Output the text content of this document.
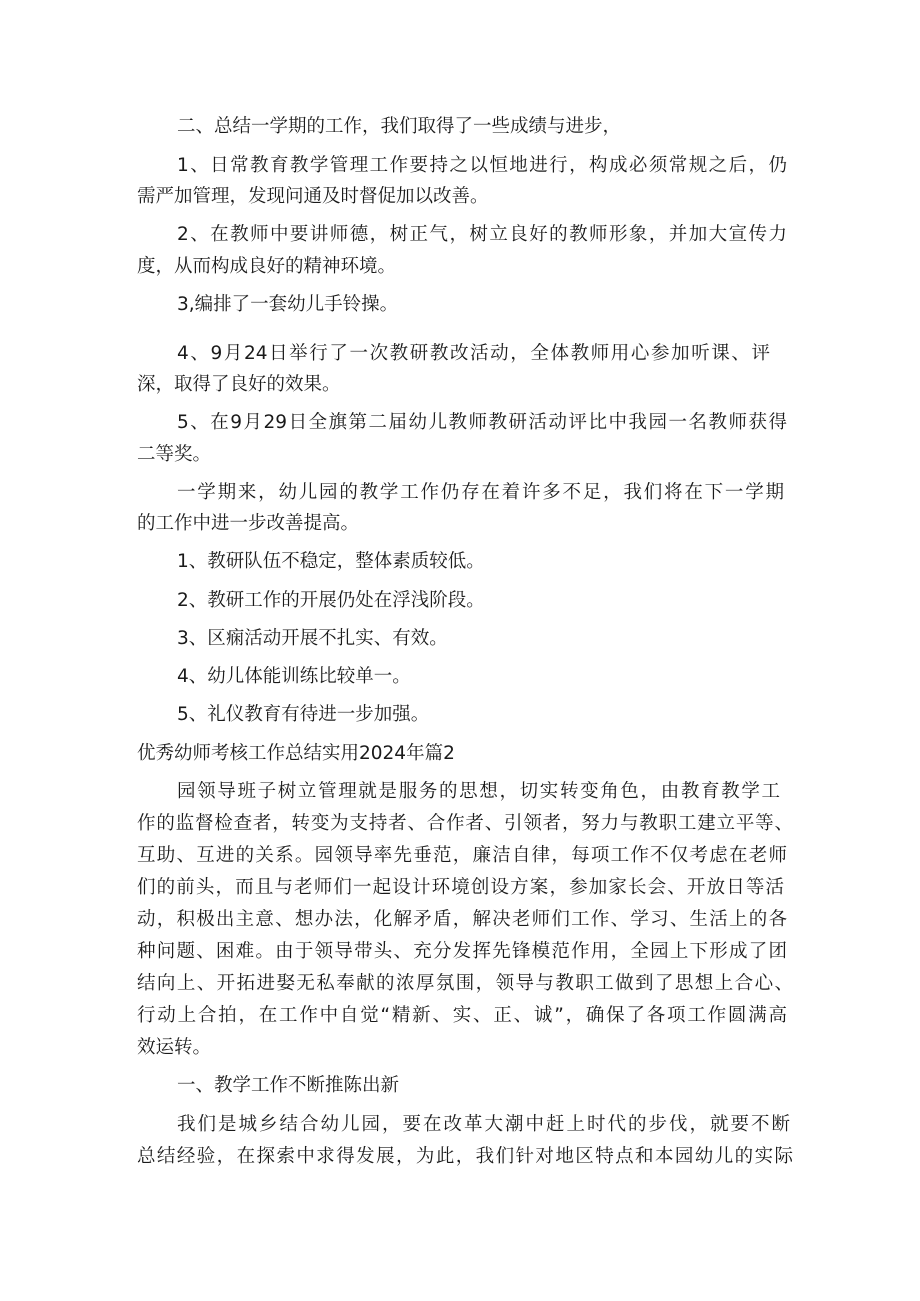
二、总结一学期的工作，我们取得了一些成绩与进步，
1、日常教育教学管理工作要持之以恒地进行，构成必须常规之后，仍
需严加管理，发现问通及时督促加以改善。
2、在教师中要讲师德，树正气，树立良好的教师形象，并加大宣传力
度，从而构成良好的精神环境。
3,编排了一套幼儿手铃操。
4、9月24日举行了一次教研教改活动，全体教师用心参加听课、评
深，取得了良好的效果。
5、在9月29日全旗第二届幼儿教师教研活动评比中我园一名教师获得
二等奖。
一学期来，幼儿园的教学工作仍存在着许多不足，我们将在下一学期
的工作中进一步改善提高。
1、教研队伍不稳定，整体素质较低。
2、教研工作的开展仍处在浮浅阶段。
3、区痫活动开展不扎实、有效。
4、幼儿体能训练比较单一。
5、礼仪教育有待进一步加强。
优秀幼师考核工作总结实用2024年篇2
园领导班子树立管理就是服务的思想，切实转变角色，由教育教学工
作的监督检查者，转变为支持者、合作者、引领者，努力与教职工建立平等、
互助、互进的关系。园领导率先垂范，廉洁自律，每项工作不仅考虑在老师
们的前头，而且与老师们一起设计环境创设方案，参加家长会、开放日等活
动，积极出主意、想办法，化解矛盾，解决老师们工作、学习、生活上的各
种问题、困难。由于领导带头、充分发挥先锋模范作用，全园上下形成了团
结向上、开拓进娶无私奉献的浓厚氛围，领导与教职工做到了思想上合心、
行动上合拍，在工作中自觉“精新、实、正、诚”，确保了各项工作圆满高
效运转。
一、教学工作不断推陈出新
我们是城乡结合幼儿园，要在改革大潮中赶上时代的步伐，就要不断
总结经验，在探索中求得发展，为此，我们针对地区特点和本园幼儿的实际
